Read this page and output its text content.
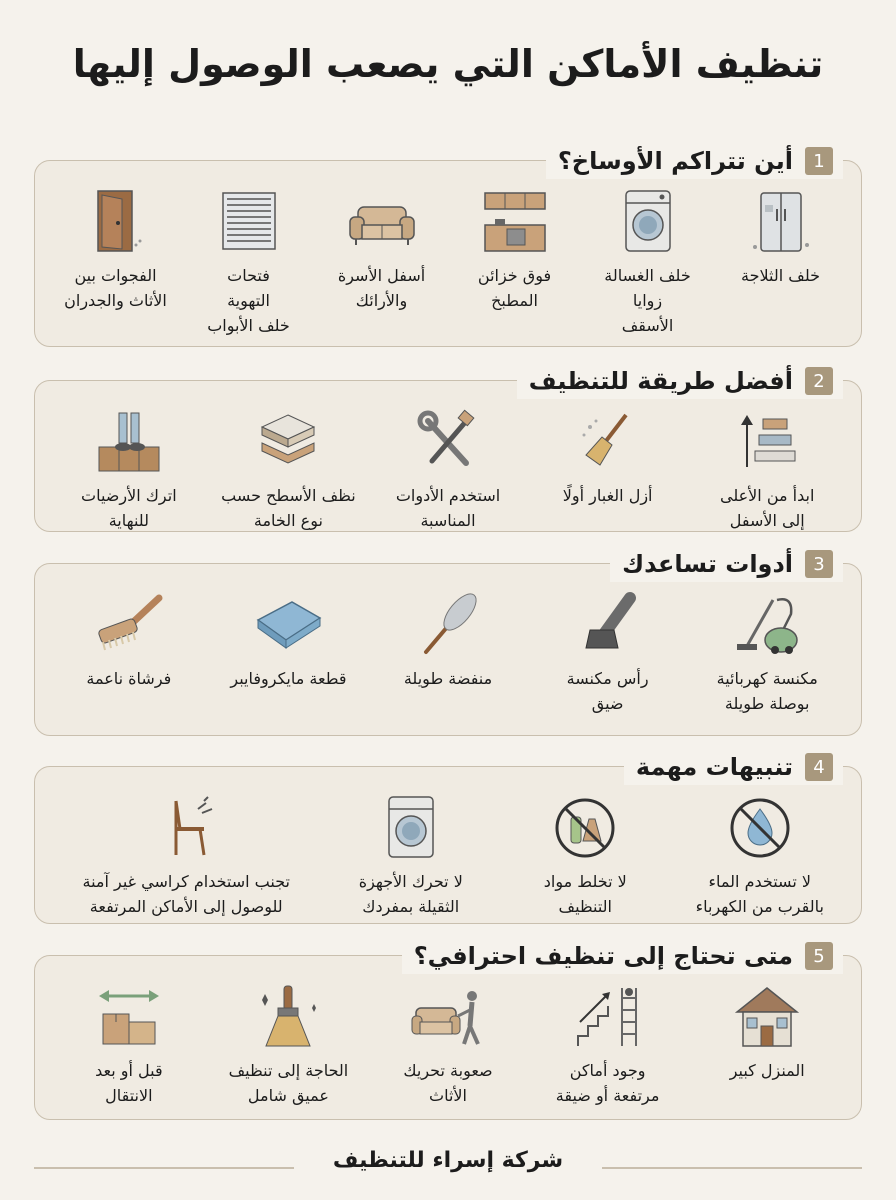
تنظيف الأماكن التي يصعب الوصول إليها
1
أين تتراكم الأوساخ؟
خلف الثلاجة
خلف الغسالة
زوايا
الأسقف
فوق خزائن
المطبخ
أسفل الأسرة
والأرائك
فتحات
التهوية
خلف الأبواب
الفجوات بين
الأثاث والجدران
2
أفضل طريقة للتنظيف
ابدأ من الأعلى
إلى الأسفل
أزل الغبار أولًا
استخدم الأدوات
المناسبة
نظف الأسطح حسب
نوع الخامة
اترك الأرضيات
للنهاية
3
أدوات تساعدك
مكنسة كهربائية
بوصلة طويلة
رأس مكنسة
ضيق
منفضة طويلة
قطعة مايكروفايبر
فرشاة ناعمة
4
تنبيهات مهمة
لا تستخدم الماء
بالقرب من الكهرباء
لا تخلط مواد
التنظيف
لا تحرك الأجهزة
الثقيلة بمفردك
تجنب استخدام كراسي غير آمنة
للوصول إلى الأماكن المرتفعة
5
متى تحتاج إلى تنظيف احترافي؟
المنزل كبير
وجود أماكن
مرتفعة أو ضيقة
صعوبة تحريك
الأثاث
الحاجة إلى تنظيف
عميق شامل
قبل أو بعد
الانتقال
شركة إسراء للتنظيف
